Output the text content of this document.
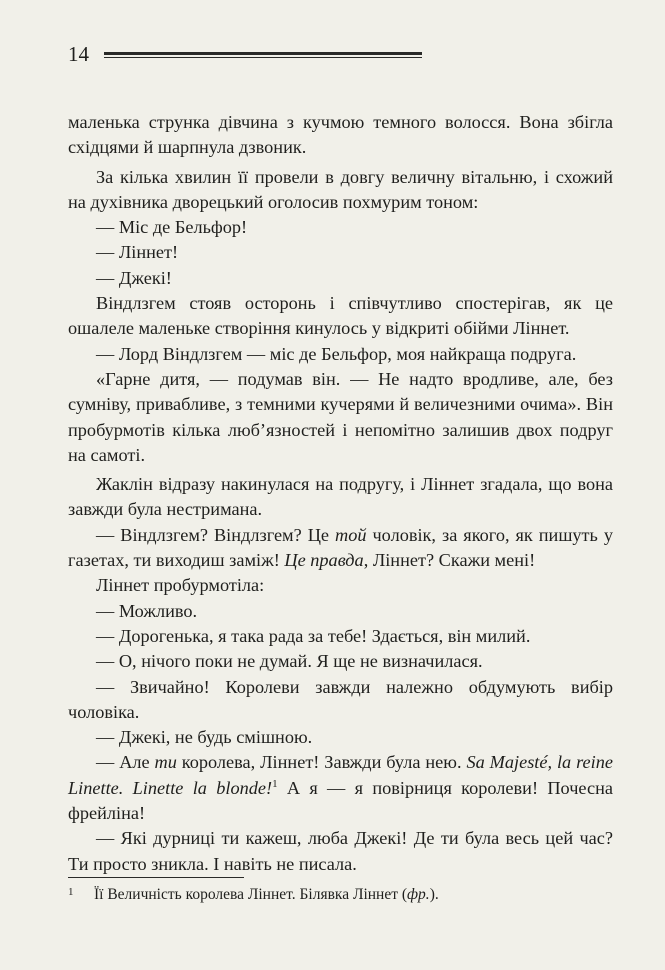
14

маленька струнка дівчина з кучмою темного волосся. Вона збігла східцями й шарпнула дзвоник.

За кілька хвилин її провели в довгу величну вітальню, і схожий на духівника дворецький оголосив похмурим тоном:

— Міс де Бельфор!

— Ліннет!

— Джекі!

Віндлзгем стояв осторонь і співчутливо спостерігав, як це ошалеле маленьке створіння кинулось у відкриті обійми Ліннет.

— Лорд Віндлзгем — міс де Бельфор, моя найкраща подруга.

«Гарне дитя, — подумав він. — Не надто вродливе, але, без сумніву, привабливе, з темними кучерями й величезними очима». Він пробурмотів кілька люб’язностей і непомітно залишив двох подруг на самоті.

Жаклін відразу накинулася на подругу, і Ліннет згадала, що вона завжди була нестримана.

— Віндлзгем? Віндлзгем? Це той чоловік, за якого, як пишуть у газетах, ти виходиш заміж! Це правда, Ліннет? Скажи мені!

Ліннет пробурмотіла:

— Можливо.

— Дорогенька, я така рада за тебе! Здається, він милий.

— О, нічого поки не думай. Я ще не визначилася.

— Звичайно! Королеви завжди належно обдумують вибір чоловіка.

— Джекі, не будь смішною.

— Але ти королева, Ліннет! Завжди була нею. Sa Majesté, la reine Linette. Linette la blonde!$^1$ А я — я повірниця королеви! Почесна фрейліна!

— Які дурниці ти кажеш, люба Джекі! Де ти була весь цей час? Ти просто зникла. І навіть не писала.

1 Її Величність королева Ліннет. Білявка Ліннет (фр.).
